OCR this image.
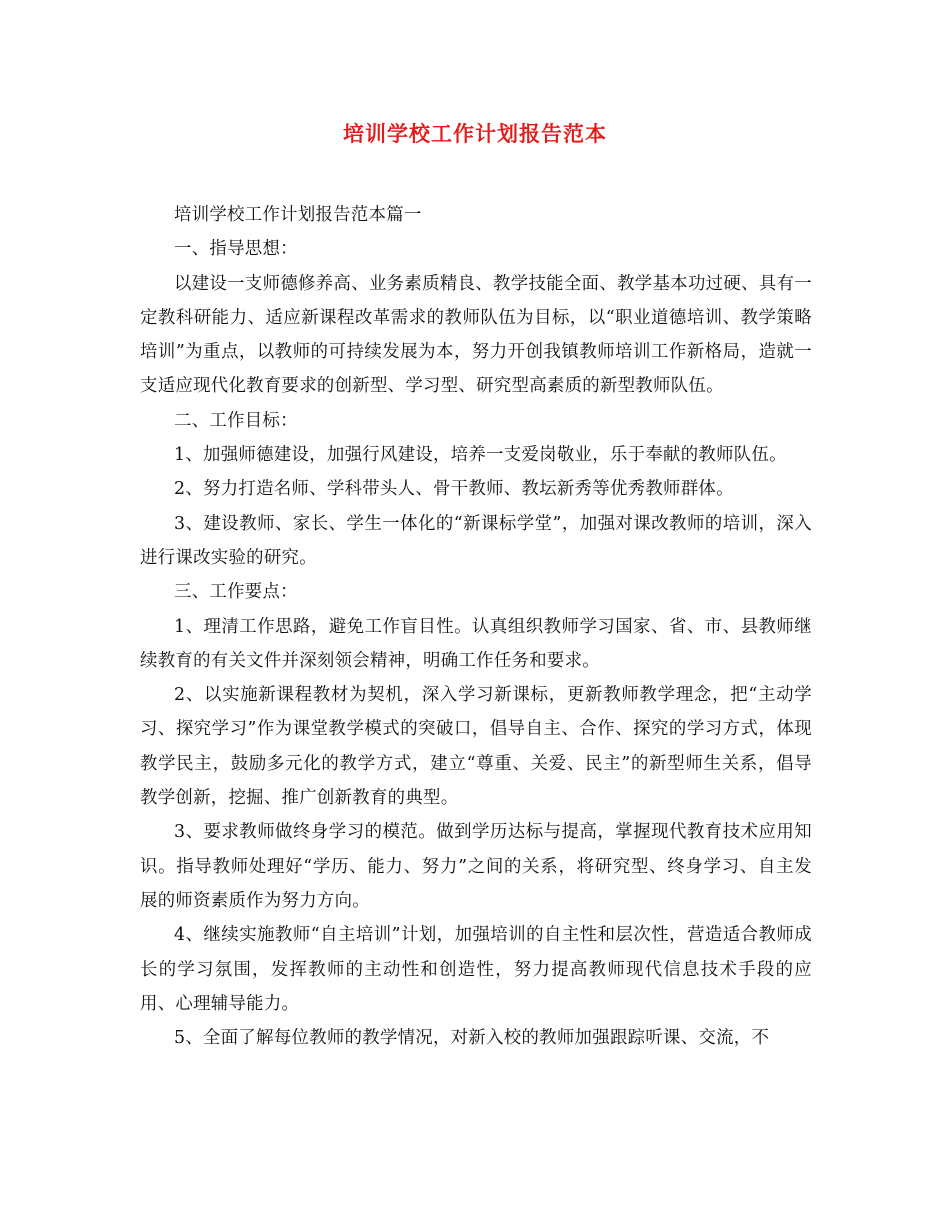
培训学校工作计划报告范本

培训学校工作计划报告范本篇一

一、指导思想：

以建设一支师德修养高、业务素质精良、教学技能全面、教学基本功过硬、具有一定教科研能力、适应新课程改革需求的教师队伍为目标，以“职业道德培训、教学策略培训”为重点，以教师的可持续发展为本，努力开创我镇教师培训工作新格局，造就一支适应现代化教育要求的创新型、学习型、研究型高素质的新型教师队伍。

二、工作目标：

1、加强师德建设，加强行风建设，培养一支爱岗敬业，乐于奉献的教师队伍。

2、努力打造名师、学科带头人、骨干教师、教坛新秀等优秀教师群体。

3、建设教师、家长、学生一体化的“新课标学堂”，加强对课改教师的培训，深入进行课改实验的研究。

三、工作要点：

1、理清工作思路，避免工作盲目性。认真组织教师学习国家、省、市、县教师继续教育的有关文件并深刻领会精神，明确工作任务和要求。

2、以实施新课程教材为契机，深入学习新课标，更新教师教学理念，把“主动学习、探究学习”作为课堂教学模式的突破口，倡导自主、合作、探究的学习方式，体现教学民主，鼓励多元化的教学方式，建立“尊重、关爱、民主”的新型师生关系，倡导教学创新，挖掘、推广创新教育的典型。

3、要求教师做终身学习的模范。做到学历达标与提高，掌握现代教育技术应用知识。指导教师处理好“学历、能力、努力”之间的关系，将研究型、终身学习、自主发展的师资素质作为努力方向。

4、继续实施教师“自主培训”计划，加强培训的自主性和层次性，营造适合教师成长的学习氛围，发挥教师的主动性和创造性，努力提高教师现代信息技术手段的应用、心理辅导能力。

5、全面了解每位教师的教学情况，对新入校的教师加强跟踪听课、交流，不
